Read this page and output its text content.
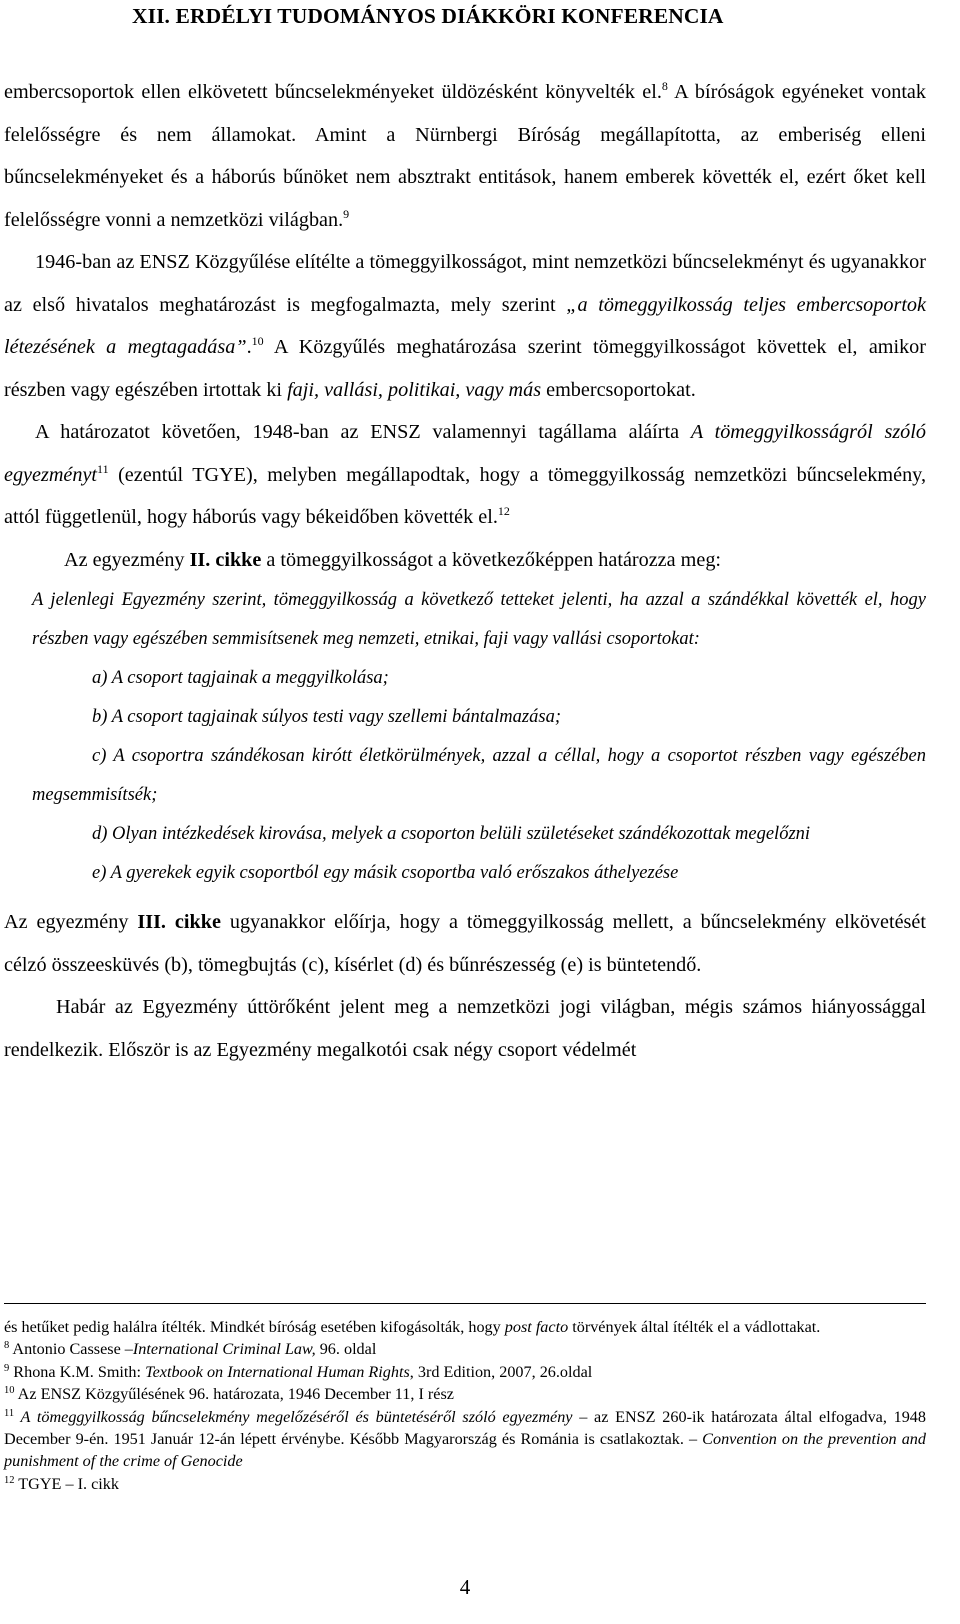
XII. ERDÉLYI TUDOMÁNYOS DIÁKKÖRI KONFERENCIA

embercsoportok ellen elkövetett bűncselekményeket üldözésként könyvelték el.$^8$ A bíróságok egyéneket vontak felelősségre és nem államokat. Amint a Nürnbergi Bíróság megállapította, az emberiség elleni bűncselekményeket és a háborús bűnöket nem absztrakt entitások, hanem emberek követték el, ezért őket kell felelősségre vonni a nemzetközi világban.$^9$

1946-ban az ENSZ Közgyűlése elítélte a tömeggyilkosságot, mint nemzetközi bűncselekményt és ugyanakkor az első hivatalos meghatározást is megfogalmazta, mely szerint „a tömeggyilkosság teljes embercsoportok létezésének a megtagadása”.$^{10}$ A Közgyűlés meghatározása szerint tömeggyilkosságot követtek el, amikor részben vagy egészében irtottak ki faji, vallási, politikai, vagy más embercsoportokat.

A határozatot követően, 1948-ban az ENSZ valamennyi tagállama aláírta A tömeggyilkosságról szóló egyezményt$^{11}$ (ezentúl TGYE), melyben megállapodtak, hogy a tömeggyilkosság nemzetközi bűncselekmény, attól függetlenül, hogy háborús vagy békeidőben követték el.$^{12}$

Az egyezmény II. cikke a tömeggyilkosságot a következőképpen határozza meg:

A jelenlegi Egyezmény szerint, tömeggyilkosság a következő tetteket jelenti, ha azzal a szándékkal követték el, hogy részben vagy egészében semmisítsenek meg nemzeti, etnikai, faji vagy vallási csoportokat:

a) A csoport tagjainak a meggyilkolása;

b) A csoport tagjainak súlyos testi vagy szellemi bántalmazása;

c) A csoportra szándékosan kirótt életkörülmények, azzal a céllal, hogy a csoportot részben vagy egészében megsemmisítsék;

d) Olyan intézkedések kirovása, melyek a csoporton belüli születéseket szándékozottak megelőzni

e) A gyerekek egyik csoportból egy másik csoportba való erőszakos áthelyezése

Az egyezmény III. cikke ugyanakkor előírja, hogy a tömeggyilkosság mellett, a bűncselekmény elkövetését célzó összeesküvés (b), tömegbujtás (c), kísérlet (d) és bűnrészesség (e) is büntetendő.

Habár az Egyezmény úttörőként jelent meg a nemzetközi jogi világban, mégis számos hiányossággal rendelkezik. Először is az Egyezmény megalkotói csak négy csoport védelmét

és hetűket pedig halálra ítélték. Mindkét bíróság esetében kifogásolták, hogy post facto törvények által ítélték el a vádlottakat.

$^8$ Antonio Cassese –International Criminal Law, 96. oldal

$^9$ Rhona K.M. Smith: Textbook on International Human Rights, 3rd Edition, 2007, 26.oldal

$^{10}$ Az ENSZ Közgyűlésének 96. határozata, 1946 December 11, I rész

$^{11}$ A tömeggyilkosság bűncselekmény megelőzéséről és büntetéséről szóló egyezmény – az ENSZ 260-ik határozata által elfogadva, 1948 December 9-én. 1951 Január 12-án lépett érvénybe. Később Magyarország és Románia is csatlakoztak. – Convention on the prevention and punishment of the crime of Genocide

$^{12}$ TGYE – I. cikk

4
